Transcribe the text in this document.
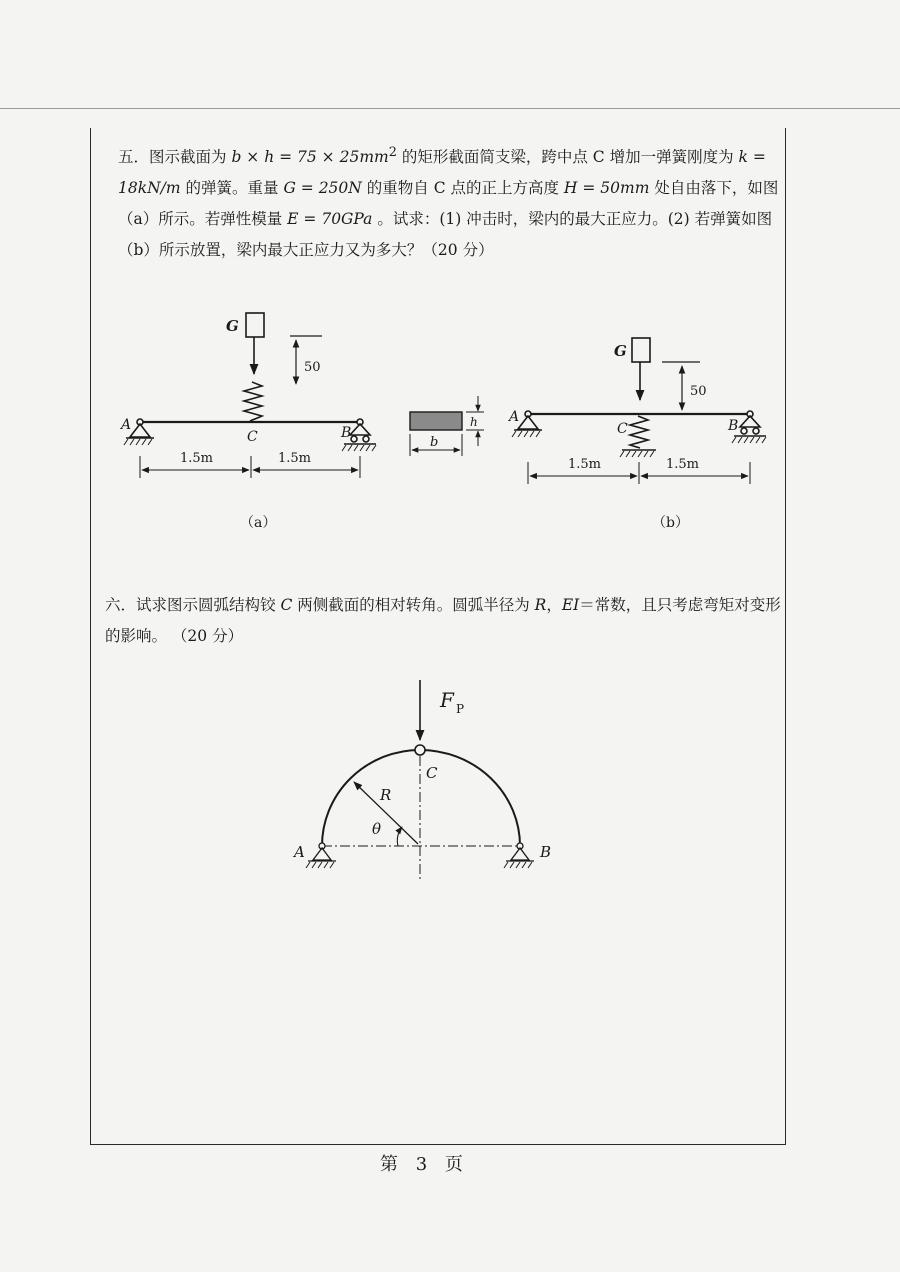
五．图示截面为 $b \times h = 75 \times 25mm^2$ 的矩形截面简支梁，跨中点 C 增加一弹簧刚度为 k = 18kN/m 的弹簧。重量 G = 250N 的重物自 C 点的正上方高度 H = 50mm 处自由落下，如图（a）所示。若弹性模量 E = 70GPa 。试求：(1) 冲击时，梁内的最大正应力。(2) 若弹簧如图（b）所示放置，梁内最大正应力又为多大？（20 分）

六．试求图示圆弧结构铰 C 两侧截面的相对转角。圆弧半径为 R，EI＝常数，且只考虑弯矩对变形的影响。 （20 分）

G
50
A	B
C
1.5m	1.5m
（a）
h
b
G
50
A
B
C
1.5m	1.5m
（b）
F P
R
θ
C
A	B
第 3 页
